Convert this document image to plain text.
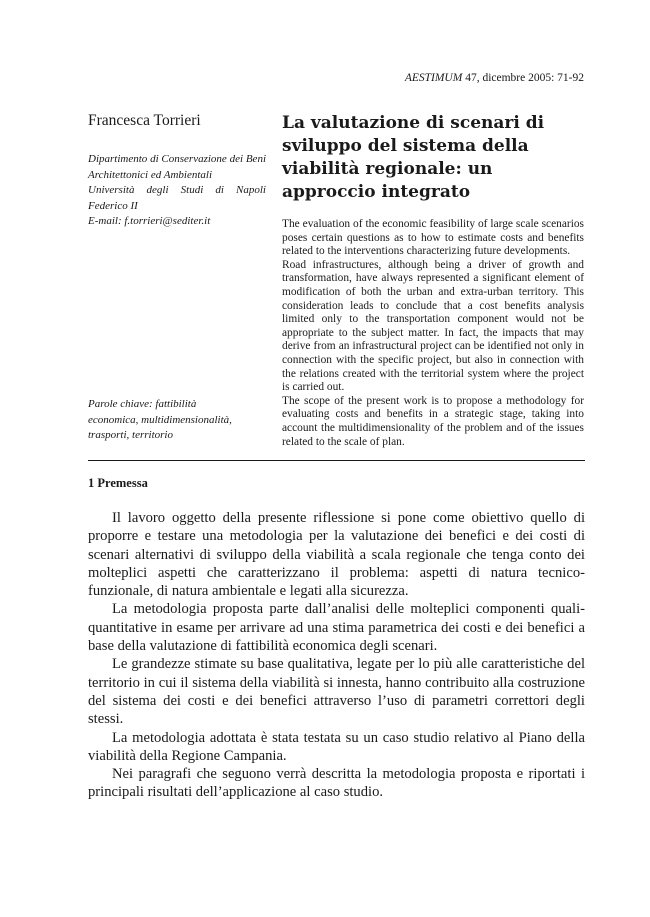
AESTIMUM 47, dicembre 2005: 71-92
Francesca Torrieri
Dipartimento di Conservazione dei Beni Architettonici ed Ambientali
Università degli Studi di Napoli Federico II
E-mail: f.torrieri@sediter.it
Parole chiave: fattibilità economica, multidimensionalità, trasporti, territorio
La valutazione di scenari di sviluppo del sistema della viabilità regionale: un approccio integrato

The evaluation of the economic feasibility of large scale scenarios poses certain questions as to how to estimate costs and benefits related to the interventions characterizing future developments.

Road infrastructures, although being a driver of growth and transformation, have always represented a significant element of modification of both the urban and extra-urban territory. This consideration leads to conclude that a cost benefits analysis limited only to the transportation component would not be appropriate to the subject matter. In fact, the impacts that may derive from an infrastructural project can be identified not only in connection with the specific project, but also in connection with the relations created with the territorial system where the project is carried out.

The scope of the present work is to propose a methodology for evaluating costs and benefits in a strategic stage, taking into account the multidimensionality of the problem and of the issues related to the scale of plan.

1 Premessa

Il lavoro oggetto della presente riflessione si pone come obiettivo quello di proporre e testare una metodologia per la valutazione dei benefici e dei costi di scenari alternativi di sviluppo della viabilità a scala regionale che tenga conto dei molteplici aspetti che caratterizzano il problema: aspetti di natura tecnico-funzionale, di natura ambientale e legati alla sicurezza.

La metodologia proposta parte dall’analisi delle molteplici componenti quali-quantitative in esame per arrivare ad una stima parametrica dei costi e dei benefici a base della valutazione di fattibilità economica degli scenari.

Le grandezze stimate su base qualitativa, legate per lo più alle caratteristiche del territorio in cui il sistema della viabilità si innesta, hanno contribuito alla costruzione del sistema dei costi e dei benefici attraverso l’uso di parametri correttori degli stessi.

La metodologia adottata è stata testata su un caso studio relativo al Piano della viabilità della Regione Campania.

Nei paragrafi che seguono verrà descritta la metodologia proposta e riportati i principali risultati dell’applicazione al caso studio.
